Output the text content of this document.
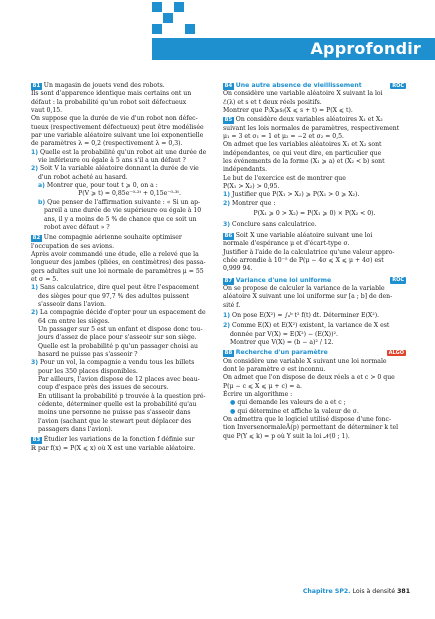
Approfondir

81 Un magasin de jouets vend des robots.

Ils sont d'apparence identique mais certains ont un

défaut : la probabilité qu'un robot soit défectueux

vaut 0,15.

On suppose que la durée de vie d'un robot non défec-

tueux (respectivement défectueux) peut être modélisée

par une variable aléatoire suivant une loi exponentielle

de paramètres λ = 0,2 (respectivement λ = 0,3).

1) Quelle est la probabilité qu'un robot ait une durée de

vie inférieure ou égale à 5 ans s'il a un défaut ?

2) Soit V la variable aléatoire donnant la durée de vie

d'un robot acheté au hasard.

a) Montrer que, pour tout t ⩾ 0, on a :

P(V ⩾ t) = 0,85e⁻⁰·²ᵗ + 0,15e⁻⁰·³ᵗ.

b) Que penser de l'affirmation suivante : « Si un ap-

pareil a une durée de vie supérieure ou égale à 10

ans, il y a moins de 5 % de chance que ce soit un

robot avec défaut » ?

82 Une compagnie aérienne souhaite optimiser

l'occupation de ses avions.

Après avoir commandé une étude, elle a relevé que la

longueur des jambes (pliées, en centimètres) des passa-

gers adultes suit une loi normale de paramètres μ = 55

et σ = 5.

1) Sans calculatrice, dire quel peut être l'espacement

des sièges pour que 97,7 % des adultes puissent

s'asseoir dans l'avion.

2) La compagnie décide d'opter pour un espacement de

64 cm entre les sièges.

Un passager sur 5 est un enfant et dispose donc tou-

jours d'assez de place pour s'asseoir sur son siège.

Quelle est la probabilité p qu'un passager choisi au

hasard ne puisse pas s'asseoir ?

3) Pour un vol, la compagnie a vendu tous les billets

pour les 350 places disponibles.

Par ailleurs, l'avion dispose de 12 places avec beau-

coup d'espace près des issues de secours.

En utilisant la probabilité p trouvée à la question pré-

cédente, déterminer quelle est la probabilité qu'au

moins une personne ne puisse pas s'asseoir dans

l'avion (sachant que le stewart peut déplacer des

passagers dans l'avion).

83 Étudier les variations de la fonction f définie sur

ℝ par f(x) = P(X ⩽ x) où X est une variable aléatoire.

84 Une autre absence de vieillissement	ROC

On considère une variable aléatoire X suivant la loi

ℰ(λ) et s et t deux réels positifs.

Montrer que P₍X⩾s₎(X ⩽ s + t) = P(X ⩽ t).

85 On considère deux variables aléatoires X₁ et X₂

suivant les lois normales de paramètres, respectivement

μ₁ = 3 et σ₁ = 1 et μ₂ = −2 et σ₂ = 0,5.

On admet que les variables aléatoires X₁ et X₂ sont

indépendantes, ce qui veut dire, en particulier que

les événements de la forme (X₁ ⩾ a) et (X₂ < b) sont

indépendants.

Le but de l'exercice est de montrer que

P(X₁ > X₂) > 0,95.

1) Justifier que P(X₁ > X₂) ⩾ P(X₁ > 0 ⩾ X₂).

2) Montrer que :

P(X₁ ⩾ 0 > X₂) = P(X₁ ⩾ 0) × P(X₂ < 0).

3) Conclure sans calculatrice.

86 Soit X une variable aléatoire suivant une loi

normale d'espérance μ et d'écart-type σ.

Justifier à l'aide de la calculatrice qu'une valeur appro-

chée arrondie à 10⁻⁵ de P(μ − 4σ ⩽ X ⩽ μ + 4σ) est

0,999 94.

87 Variance d'une loi uniforme	ROC

On se propose de calculer la variance de la variable

aléatoire X suivant une loi uniforme sur [a ; b] de den-

sité f.

1) On pose E(X²) = ∫ₐᵇ t² f(t) dt. Déterminer E(X²).

2) Comme E(X) et E(X²) existent, la variance de X est

donnée par V(X) = E(X²) − (E(X))².

Montrer que V(X) = (b − a)² / 12.

88 Recherche d'un paramètre	ALGO

On considère une variable X suivant une loi normale

dont le paramètre σ est inconnu.

On admet que l'on dispose de deux réels a et c > 0 que

P(μ − c ⩽ X ⩽ μ + c) = a.

Écrire un algorithme :

● qui demande les valeurs de a et c ;

● qui détermine et affiche la valeur de σ.

On admettra que le logiciel utilisé dispose d'une fonc-

tion InversenormaleÃ(p) permettant de déterminer k tel

que P(Y ⩽ k) = p où Y suit la loi 𝒩(0 ; 1).

Chapitre SP2. Lois à densité 381
